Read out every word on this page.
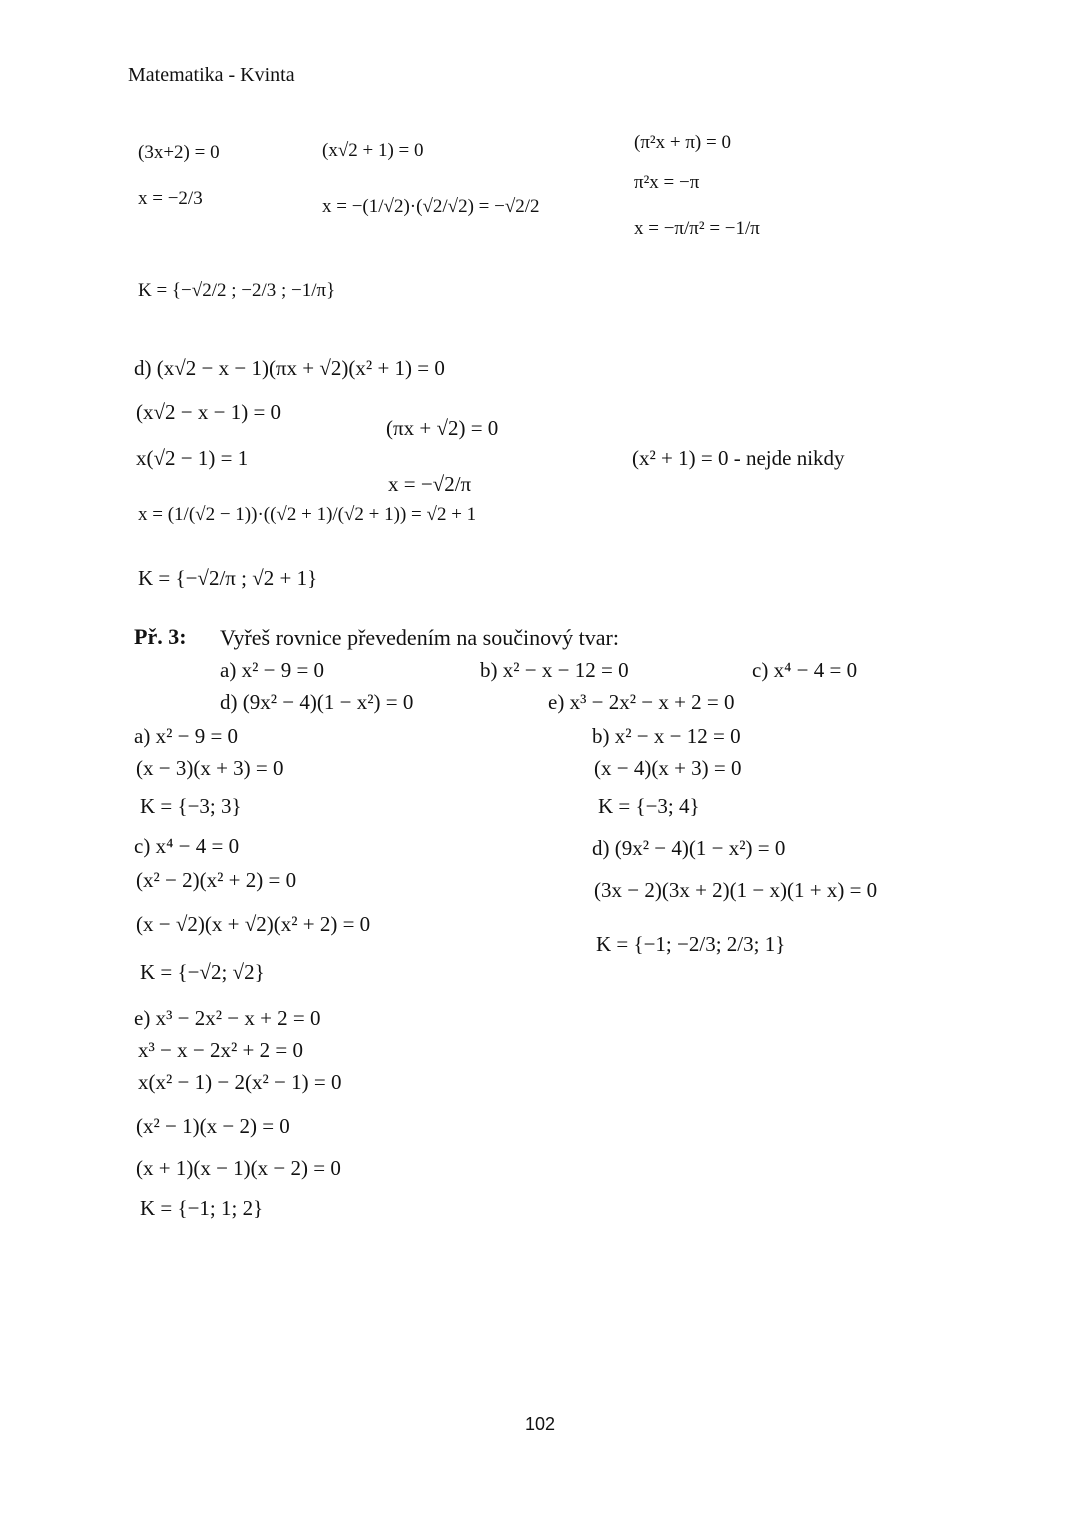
Matematika - Kvinta
(3x+2) = 0
x = −2/3
(x√2 + 1) = 0
x = −(1/√2)·(√2/√2) = −√2/2
(π²x + π) = 0
π²x = −π
x = −π/π² = −1/π
K = {−√2/2 ; −2/3 ; −1/π}
d) (x√2 − x − 1)(πx + √2)(x² + 1) = 0
(x√2 − x − 1) = 0
x(√2 − 1) = 1
x = (1/(√2 − 1))·((√2 + 1)/(√2 + 1)) = √2 + 1
K = {−√2/π ; √2 + 1}
(πx + √2) = 0
x = −√2/π
(x² + 1) = 0 - nejde nikdy
Př. 3: Vyřeš rovnice převedením na součinový tvar:
a) x² − 9 = 0	b) x² − x − 12 = 0	c) x⁴ − 4 = 0
d) (9x² − 4)(1 − x²) = 0	e) x³ − 2x² − x + 2 = 0
a) x² − 9 = 0
(x − 3)(x + 3) = 0
K = {−3; 3}
c) x⁴ − 4 = 0
(x² − 2)(x² + 2) = 0
(x − √2)(x + √2)(x² + 2) = 0
K = {−√2; √2}
e) x³ − 2x² − x + 2 = 0
x³ − x − 2x² + 2 = 0
x(x² − 1) − 2(x² − 1) = 0
(x² − 1)(x − 2) = 0
(x + 1)(x − 1)(x − 2) = 0
K = {−1; 1; 2}
b) x² − x − 12 = 0
(x − 4)(x + 3) = 0
K = {−3; 4}
d) (9x² − 4)(1 − x²) = 0
(3x − 2)(3x + 2)(1 − x)(1 + x) = 0
K = {−1; −2/3; 2/3; 1}
102
